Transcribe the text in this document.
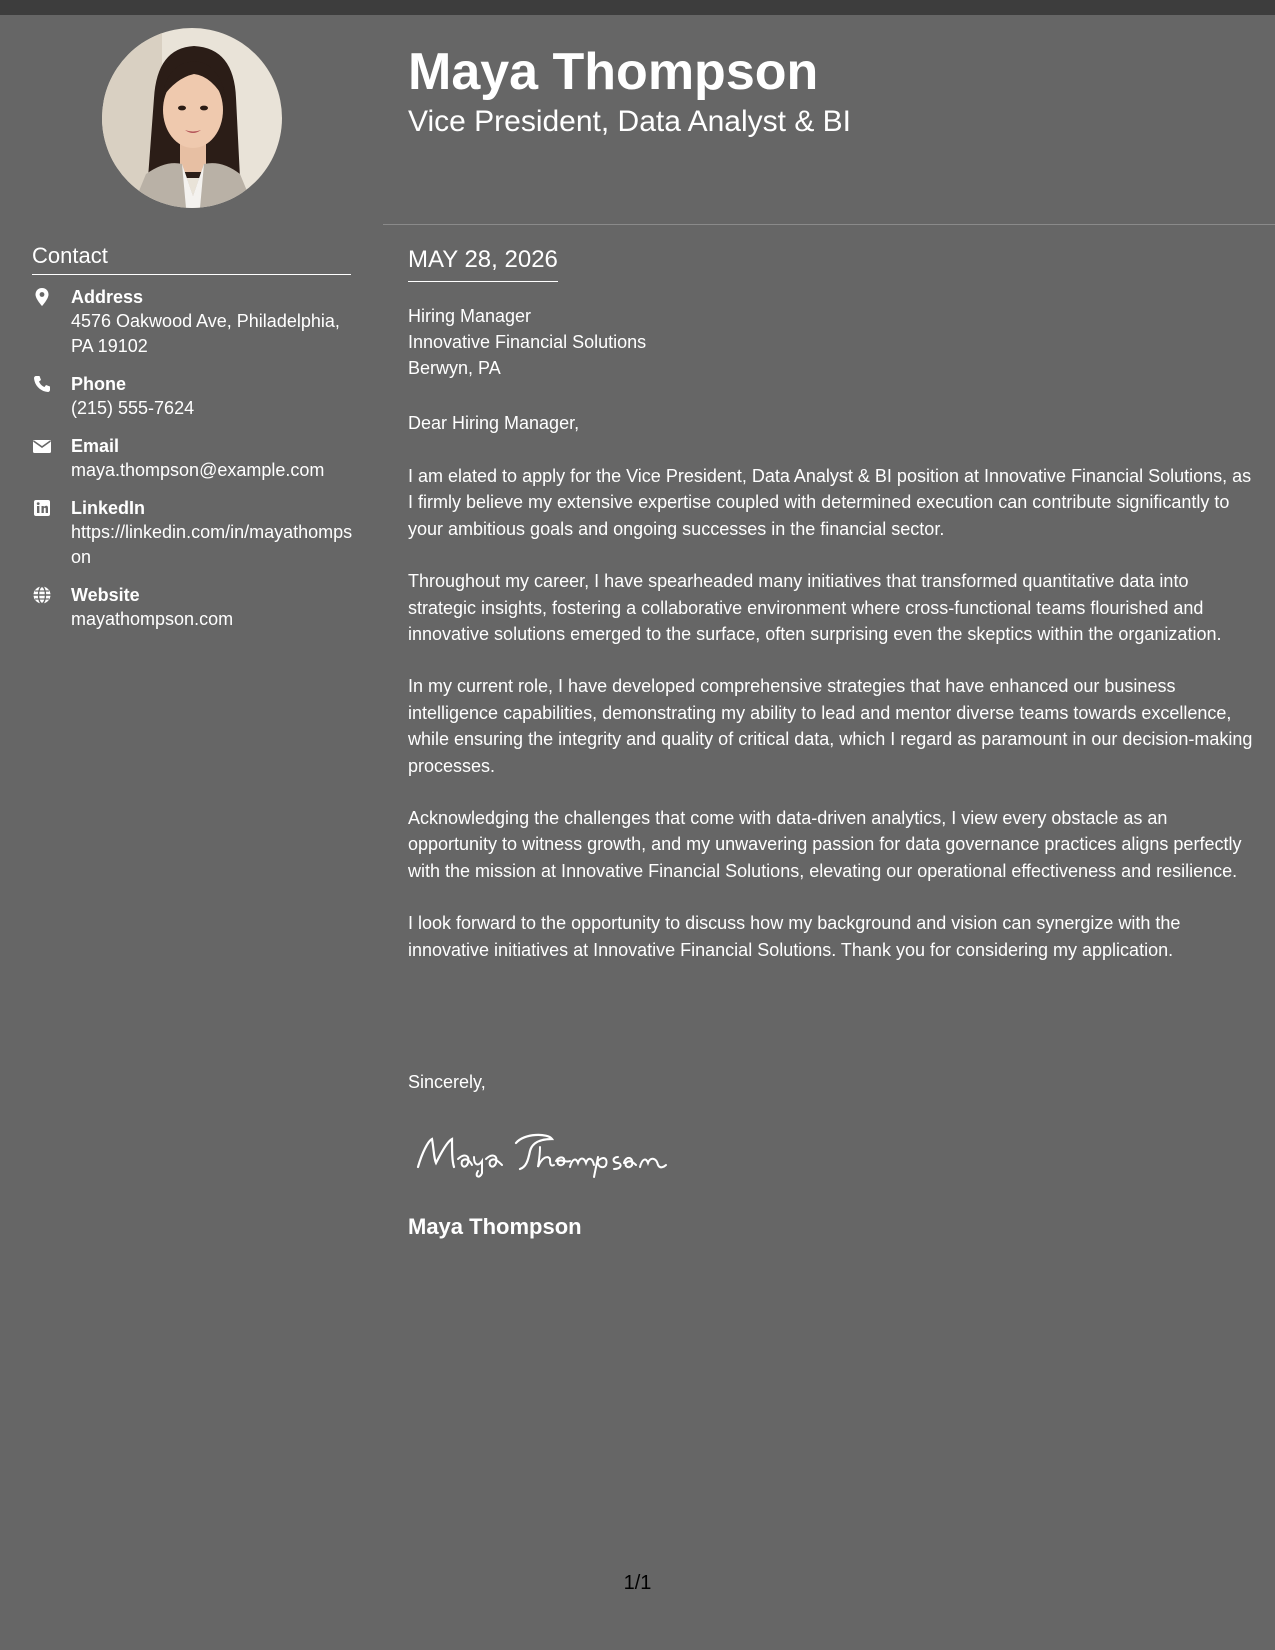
Contact
Address
4576 Oakwood Ave, Philadelphia, PA 19102
Phone
(215) 555-7624
Email
maya.thompson@example.com
LinkedIn
https://linkedin.com/in/mayathompson
Website
mayathompson.com
Maya Thompson
Vice President, Data Analyst & BI
MAY 28, 2026
Hiring Manager
Innovative Financial Solutions
Berwyn, PA

Dear Hiring Manager,

I am elated to apply for the Vice President, Data Analyst & BI position at Innovative Financial Solutions, as I firmly believe my extensive expertise coupled with determined execution can contribute significantly to your ambitious goals and ongoing successes in the financial sector.

Throughout my career, I have spearheaded many initiatives that transformed quantitative data into strategic insights, fostering a collaborative environment where cross-functional teams flourished and innovative solutions emerged to the surface, often surprising even the skeptics within the organization.

In my current role, I have developed comprehensive strategies that have enhanced our business intelligence capabilities, demonstrating my ability to lead and mentor diverse teams towards excellence, while ensuring the integrity and quality of critical data, which I regard as paramount in our decision-making processes.

Acknowledging the challenges that come with data-driven analytics, I view every obstacle as an opportunity to witness growth, and my unwavering passion for data governance practices aligns perfectly with the mission at Innovative Financial Solutions, elevating our operational effectiveness and resilience.

I look forward to the opportunity to discuss how my background and vision can synergize with the innovative initiatives at Innovative Financial Solutions. Thank you for considering my application.

Sincerely,

Maya Thompson

1/1
